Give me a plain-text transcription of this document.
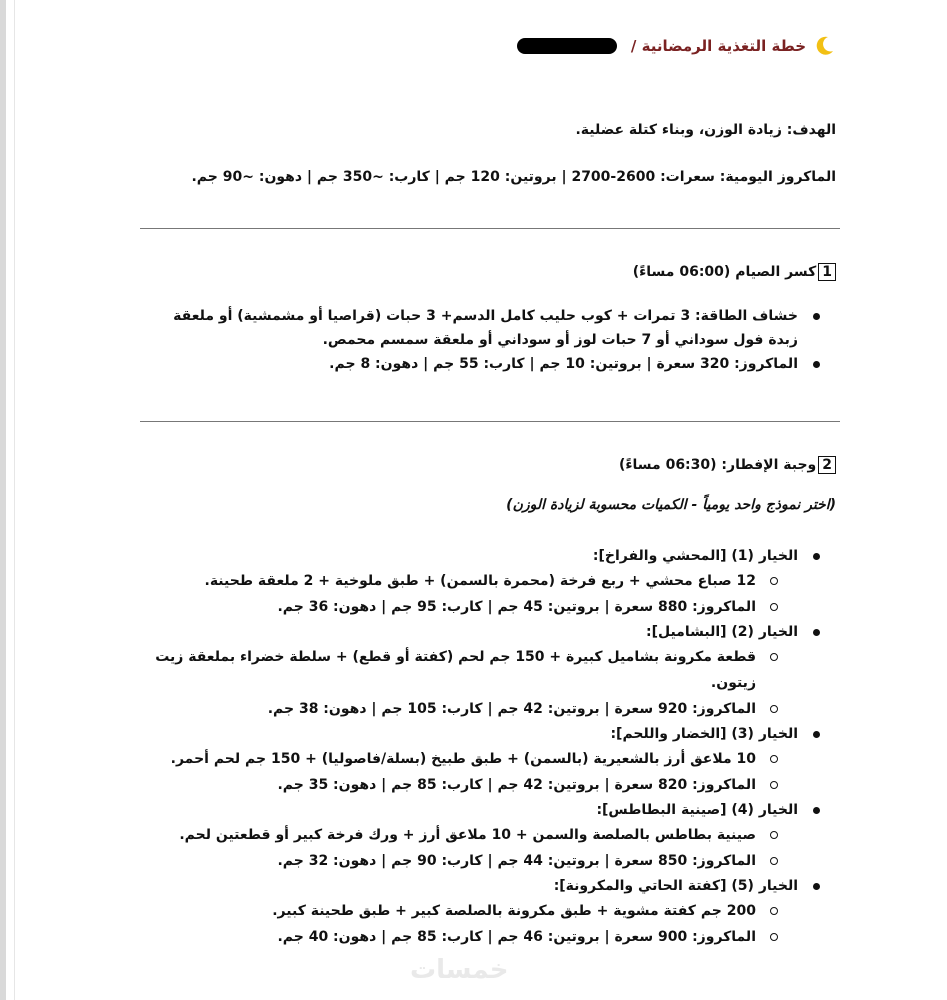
خطة التغذية الرمضانية /
الهدف: زيادة الوزن، وبناء كتلة عضلية.
الماكروز اليومية: سعرات: 2600-2700 | بروتين: 120 جم | كارب: ~350 جم | دهون: ~90 جم.
1
كسر الصيام (06:00 مساءً)
خشاف الطاقة: 3 تمرات + كوب حليب كامل الدسم+ 3 حبات (قراصيا أو مشمشية) أو ملعقة زبدة فول سوداني أو 7 حبات لوز أو سوداني أو ملعقة سمسم محمص.
الماكروز: 320 سعرة | بروتين: 10 جم | كارب: 55 جم | دهون: 8 جم.
2
وجبة الإفطار: (06:30 مساءً)
(اختر نموذج واحد يومياً - الكميات محسوبة لزيادة الوزن)
الخيار (1) [المحشي والفراخ]:
12 صباع محشي + ربع فرخة (محمرة بالسمن) + طبق ملوخية + 2 ملعقة طحينة.
الماكروز: 880 سعرة | بروتين: 45 جم | كارب: 95 جم | دهون: 36 جم.
الخيار (2) [البشاميل]:
قطعة مكرونة بشاميل كبيرة + 150 جم لحم (كفتة أو قطع) + سلطة خضراء بملعقة زيت زيتون.
الماكروز: 920 سعرة | بروتين: 42 جم | كارب: 105 جم | دهون: 38 جم.
الخيار (3) [الخضار واللحم]:
10 ملاعق أرز بالشعيرية (بالسمن) + طبق طبيخ (بسلة/فاصوليا) + 150 جم لحم أحمر.
الماكروز: 820 سعرة | بروتين: 42 جم | كارب: 85 جم | دهون: 35 جم.
الخيار (4) [صينية البطاطس]:
صينية بطاطس بالصلصة والسمن + 10 ملاعق أرز + ورك فرخة كبير أو قطعتين لحم.
الماكروز: 850 سعرة | بروتين: 44 جم | كارب: 90 جم | دهون: 32 جم.
الخيار (5) [كفتة الحاتي والمكرونة]:
200 جم كفتة مشوية + طبق مكرونة بالصلصة كبير + طبق طحينة كبير.
الماكروز: 900 سعرة | بروتين: 46 جم | كارب: 85 جم | دهون: 40 جم.
خمسات
